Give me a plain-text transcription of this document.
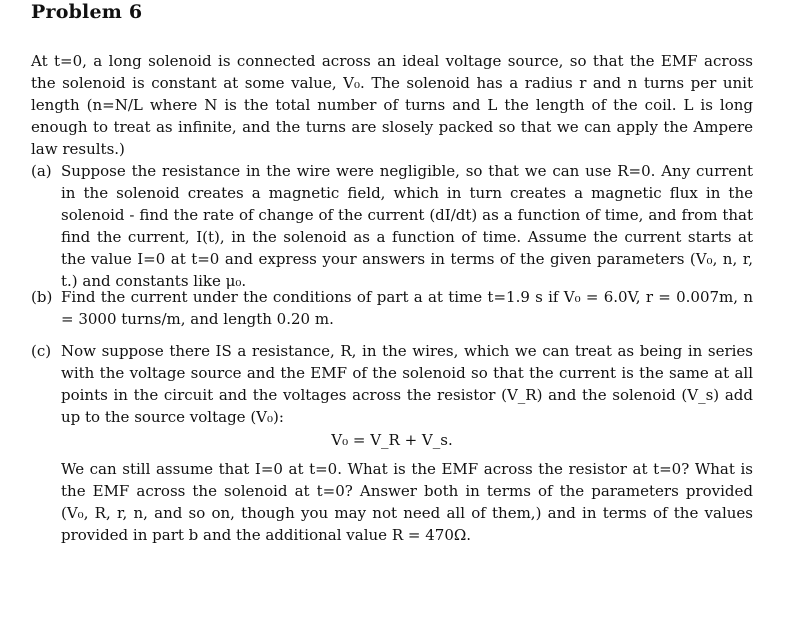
Problem 6
At t=0, a long solenoid is connected across an ideal voltage source, so that the EMF across the solenoid is constant at some value, V₀. The solenoid has a radius r and n turns per unit length (n=N/L where N is the total number of turns and L the length of the coil. L is long enough to treat as infinite, and the turns are slosely packed so that we can apply the Ampere law results.)
(a) Suppose the resistance in the wire were negligible, so that we can use R=0. Any current in the solenoid creates a magnetic field, which in turn creates a magnetic flux in the solenoid - find the rate of change of the current (dI/dt) as a function of time, and from that find the current, I(t), in the solenoid as a function of time. Assume the current starts at the value I=0 at t=0 and express your answers in terms of the given parameters (V₀, n, r, t.) and constants like μ₀.
(b) Find the current under the conditions of part a at time t=1.9 s if V₀ = 6.0V, r = 0.007m, n = 3000 turns/m, and length 0.20 m.
(c) Now suppose there IS a resistance, R, in the wires, which we can treat as being in series with the voltage source and the EMF of the solenoid so that the current is the same at all points in the circuit and the voltages across the resistor (V_R) and the solenoid (V_s) add up to the source voltage (V₀):
V₀ = V_R + V_s.
We can still assume that I=0 at t=0. What is the EMF across the resistor at t=0? What is the EMF across the solenoid at t=0? Answer both in terms of the parameters provided (V₀, R, r, n, and so on, though you may not need all of them,) and in terms of the values provided in part b and the additional value R = 470Ω.
